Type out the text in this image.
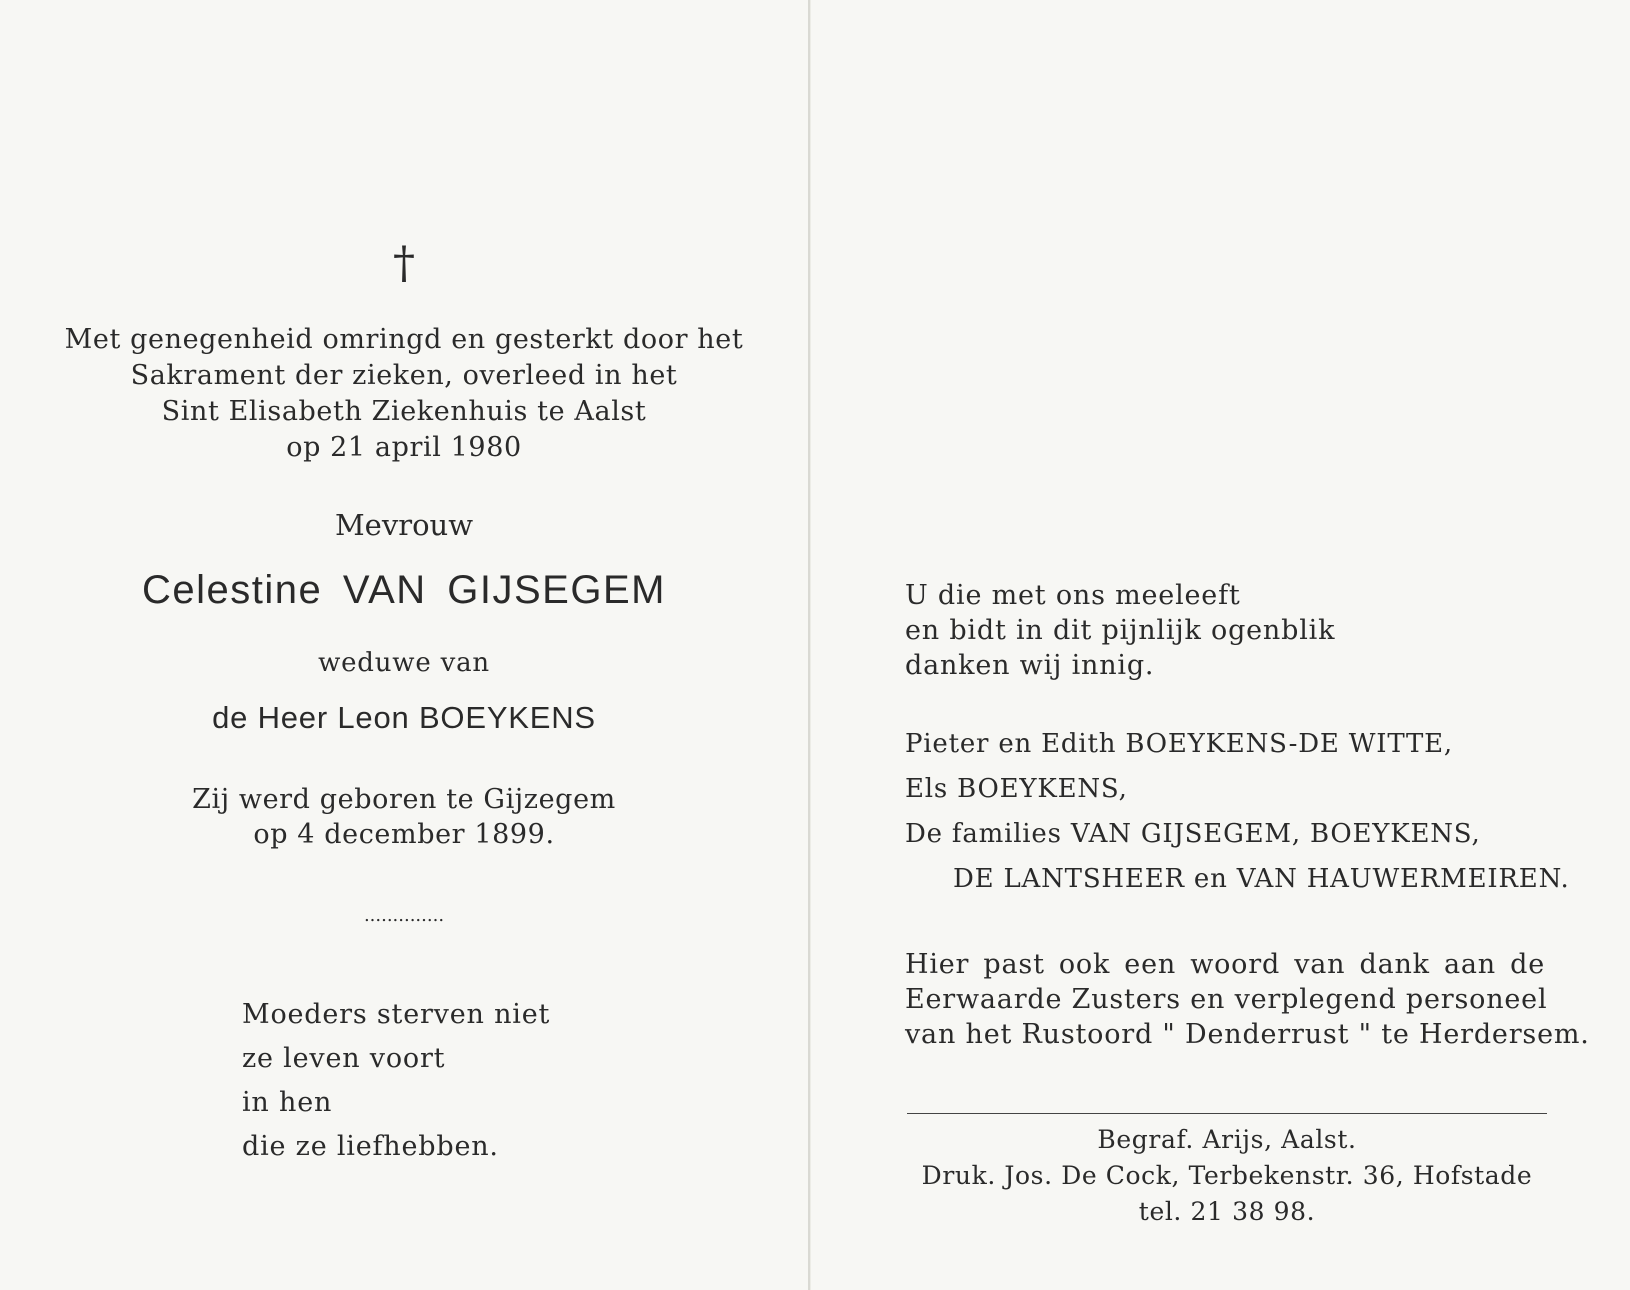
†
Met genegenheid omringd en gesterkt door het
Sakrament der zieken, overleed in het
Sint Elisabeth Ziekenhuis te Aalst
op 21 april 1980
Mevrouw
Celestine VAN GIJSEGEM
weduwe van
de Heer Leon BOEYKENS
Zij werd geboren te Gijzegem
op 4 december 1899.
..............
Moeders sterven niet
ze leven voort
in hen
die ze liefhebben.
U die met ons meeleeft
en bidt in dit pijnlijk ogenblik
danken wij innig.
Pieter en Edith BOEYKENS-DE WITTE,
Els BOEYKENS,
De families VAN GIJSEGEM, BOEYKENS,
DE LANTSHEER en VAN HAUWERMEIREN.
Hier past ook een woord van dank aan de
Eerwaarde Zusters en verplegend personeel
van het Rustoord " Denderrust " te Herdersem.
Begraf. Arijs, Aalst.
Druk. Jos. De Cock, Terbekenstr. 36, Hofstade
tel. 21 38 98.
